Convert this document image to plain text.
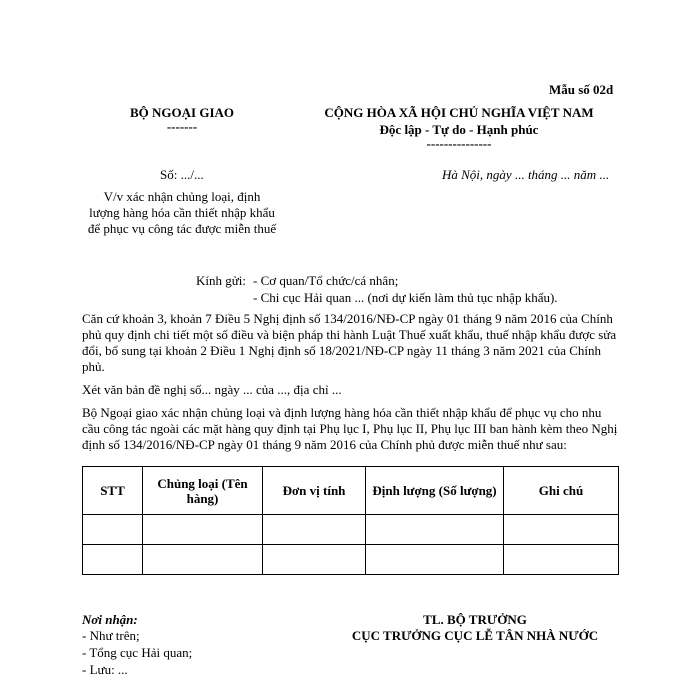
Mẫu số 02d
BỘ NGOẠI GIAO
-------
CỘNG HÒA XÃ HỘI CHỦ NGHĨA VIỆT NAM
Độc lập - Tự do - Hạnh phúc
---------------
Số: .../...	Hà Nội, ngày ... tháng ... năm ...
V/v xác nhận chủng loại, định
lượng hàng hóa cần thiết nhập khẩu
để phục vụ công tác được miễn thuế
Kính gửi: - Cơ quan/Tổ chức/cá nhân;
- Chi cục Hải quan ... (nơi dự kiến làm thủ tục nhập khẩu).
Căn cứ khoản 3, khoản 7 Điều 5 Nghị định số 134/2016/NĐ-CP ngày 01 tháng 9 năm 2016 của Chính phủ quy định chi tiết một số điều và biện pháp thi hành Luật Thuế xuất khẩu, thuế nhập khẩu được sửa đổi, bổ sung tại khoản 2 Điều 1 Nghị định số 18/2021/NĐ-CP ngày 11 tháng 3 năm 2021 của Chính phủ.
Xét văn bản đề nghị số... ngày ... của ..., địa chỉ ...
Bộ Ngoại giao xác nhận chủng loại và định lượng hàng hóa cần thiết nhập khẩu để phục vụ cho nhu cầu công tác ngoài các mặt hàng quy định tại Phụ lục I, Phụ lục II, Phụ lục III ban hành kèm theo Nghị định số 134/2016/NĐ-CP ngày 01 tháng 9 năm 2016 của Chính phủ được miễn thuế như sau:
STT	Chủng loại (Tên hàng)	Đơn vị tính	Định lượng (Số lượng)	Ghi chú

Nơi nhận:
- Như trên;
- Tổng cục Hải quan;
- Lưu: ...
TL. BỘ TRƯỞNG
CỤC TRƯỞNG CỤC LỄ TÂN NHÀ NƯỚC
